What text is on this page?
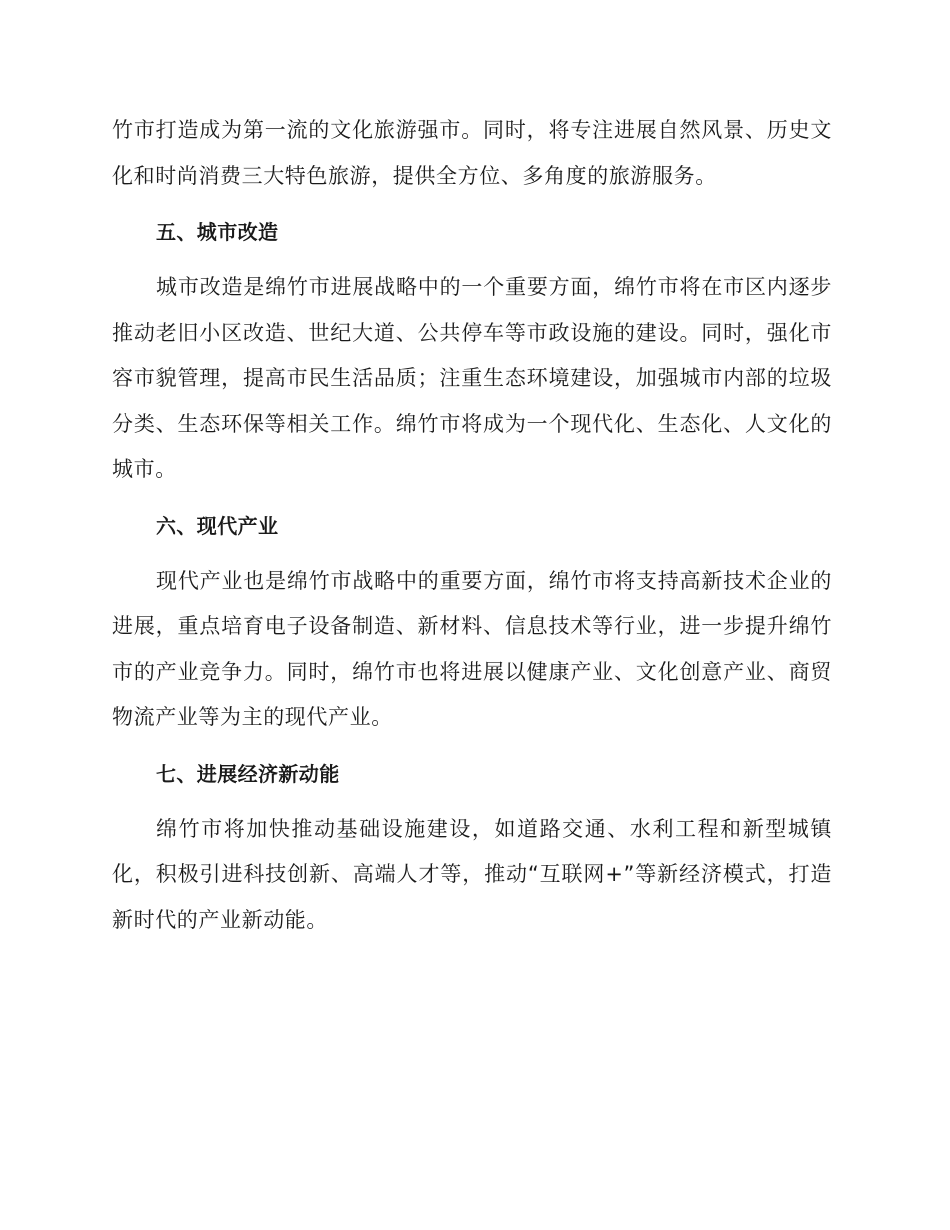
竹市打造成为第一流的文化旅游强市。同时，将专注进展自然风景、历史文化和时尚消费三大特色旅游，提供全方位、多角度的旅游服务。

五、城市改造

城市改造是绵竹市进展战略中的一个重要方面，绵竹市将在市区内逐步推动老旧小区改造、世纪大道、公共停车等市政设施的建设。同时，强化市容市貌管理，提高市民生活品质；注重生态环境建设，加强城市内部的垃圾分类、生态环保等相关工作。绵竹市将成为一个现代化、生态化、人文化的城市。

六、现代产业

现代产业也是绵竹市战略中的重要方面，绵竹市将支持高新技术企业的进展，重点培育电子设备制造、新材料、信息技术等行业，进一步提升绵竹市的产业竞争力。同时，绵竹市也将进展以健康产业、文化创意产业、商贸物流产业等为主的现代产业。

七、进展经济新动能

绵竹市将加快推动基础设施建设，如道路交通、水利工程和新型城镇化，积极引进科技创新、高端人才等，推动“互联网+”等新经济模式，打造新时代的产业新动能。
